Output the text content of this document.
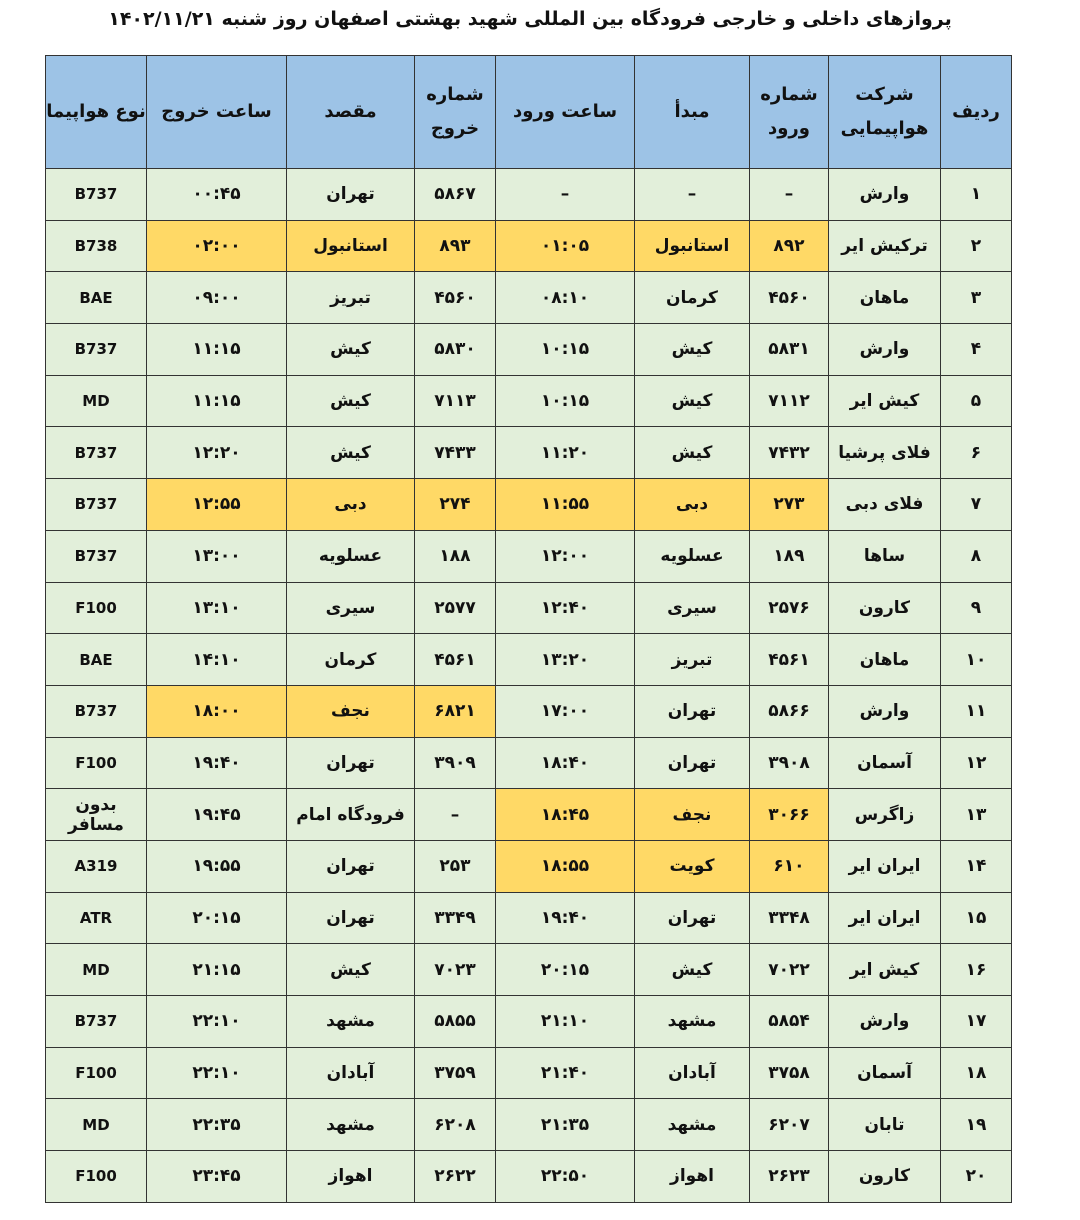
پروازهای داخلی و خارجی فرودگاه بین المللی شهید بهشتی اصفهان روز شنبه ۱۴۰۲/۱۱/۲۱
ردیف	شرکت هواپیمایی	شماره ورود	مبدأ	ساعت ورود	شماره خروج	مقصد	ساعت خروج	نوع هواپیما
۱	وارش	–	–	–	۵۸۶۷	تهران	۰۰:۴۵	B737
۲	ترکیش ایر	۸۹۲	استانبول	۰۱:۰۵	۸۹۳	استانبول	۰۲:۰۰	B738
۳	ماهان	۴۵۶۰	کرمان	۰۸:۱۰	۴۵۶۰	تبریز	۰۹:۰۰	BAE
۴	وارش	۵۸۳۱	کیش	۱۰:۱۵	۵۸۳۰	کیش	۱۱:۱۵	B737
۵	کیش ایر	۷۱۱۲	کیش	۱۰:۱۵	۷۱۱۳	کیش	۱۱:۱۵	MD
۶	فلای پرشیا	۷۴۳۲	کیش	۱۱:۲۰	۷۴۳۳	کیش	۱۲:۲۰	B737
۷	فلای دبی	۲۷۳	دبی	۱۱:۵۵	۲۷۴	دبی	۱۲:۵۵	B737
۸	ساها	۱۸۹	عسلویه	۱۲:۰۰	۱۸۸	عسلویه	۱۳:۰۰	B737
۹	کارون	۲۵۷۶	سیری	۱۲:۴۰	۲۵۷۷	سیری	۱۳:۱۰	F100
۱۰	ماهان	۴۵۶۱	تبریز	۱۳:۲۰	۴۵۶۱	کرمان	۱۴:۱۰	BAE
۱۱	وارش	۵۸۶۶	تهران	۱۷:۰۰	۶۸۲۱	نجف	۱۸:۰۰	B737
۱۲	آسمان	۳۹۰۸	تهران	۱۸:۴۰	۳۹۰۹	تهران	۱۹:۴۰	F100
۱۳	زاگرس	۳۰۶۶	نجف	۱۸:۴۵	–	فرودگاه امام	۱۹:۴۵	بدون مسافر
۱۴	ایران ایر	۶۱۰	کویت	۱۸:۵۵	۲۵۳	تهران	۱۹:۵۵	A319
۱۵	ایران ایر	۳۳۴۸	تهران	۱۹:۴۰	۳۳۴۹	تهران	۲۰:۱۵	ATR
۱۶	کیش ایر	۷۰۲۲	کیش	۲۰:۱۵	۷۰۲۳	کیش	۲۱:۱۵	MD
۱۷	وارش	۵۸۵۴	مشهد	۲۱:۱۰	۵۸۵۵	مشهد	۲۲:۱۰	B737
۱۸	آسمان	۳۷۵۸	آبادان	۲۱:۴۰	۳۷۵۹	آبادان	۲۲:۱۰	F100
۱۹	تابان	۶۲۰۷	مشهد	۲۱:۳۵	۶۲۰۸	مشهد	۲۲:۳۵	MD
۲۰	کارون	۲۶۲۳	اهواز	۲۲:۵۰	۲۶۲۲	اهواز	۲۳:۴۵	F100
